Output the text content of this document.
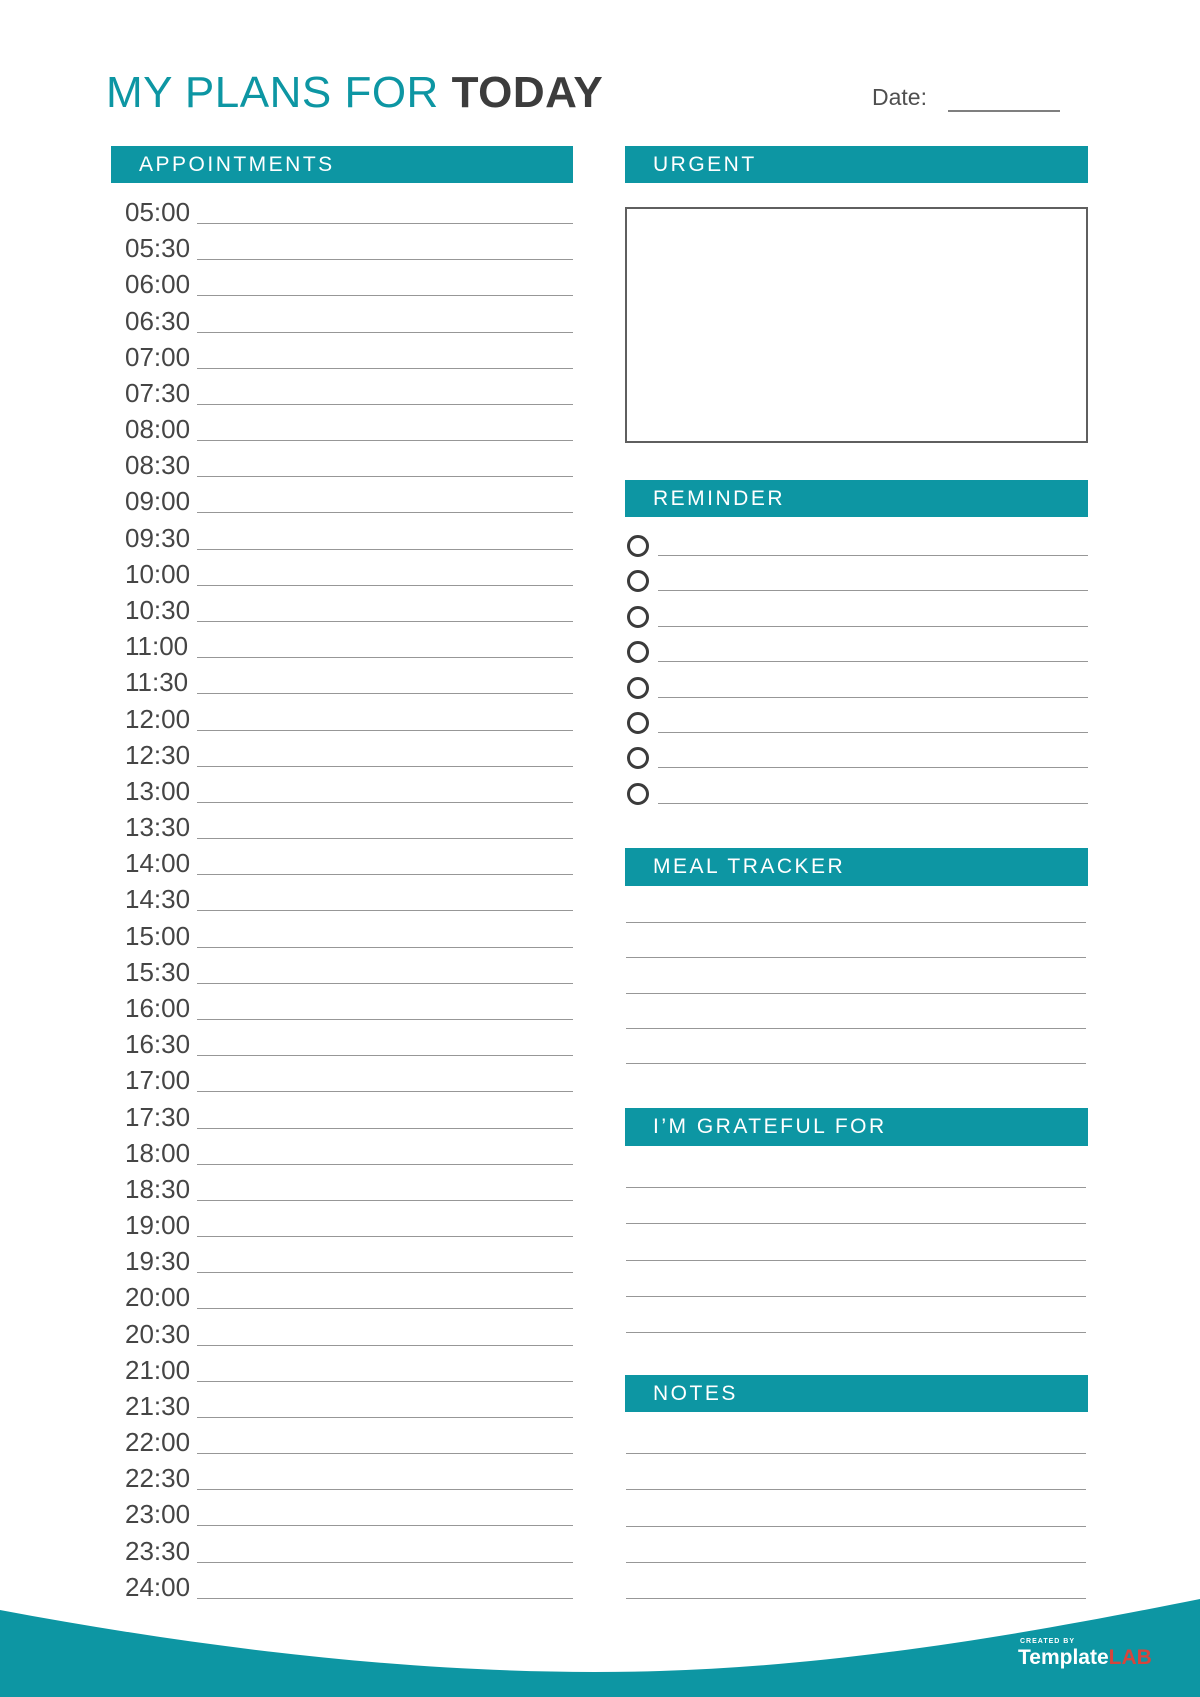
MY PLANS FOR TODAY	Date:
APPOINTMENTS	URGENT
REMINDER
MEAL TRACKER
I’M GRATEFUL FOR
NOTES
05:00
05:30
06:00
06:30
07:00
07:30
08:00
08:30
09:00
09:30
10:00
10:30
11:00
11:30
12:00
12:30
13:00
13:30
14:00
14:30
15:00
15:30
16:00
16:30
17:00
17:30
18:00
18:30
19:00
19:30
20:00
20:30
21:00
21:30
22:00
22:30
23:00
23:30
24:00
CREATED BY
TemplateLAB
